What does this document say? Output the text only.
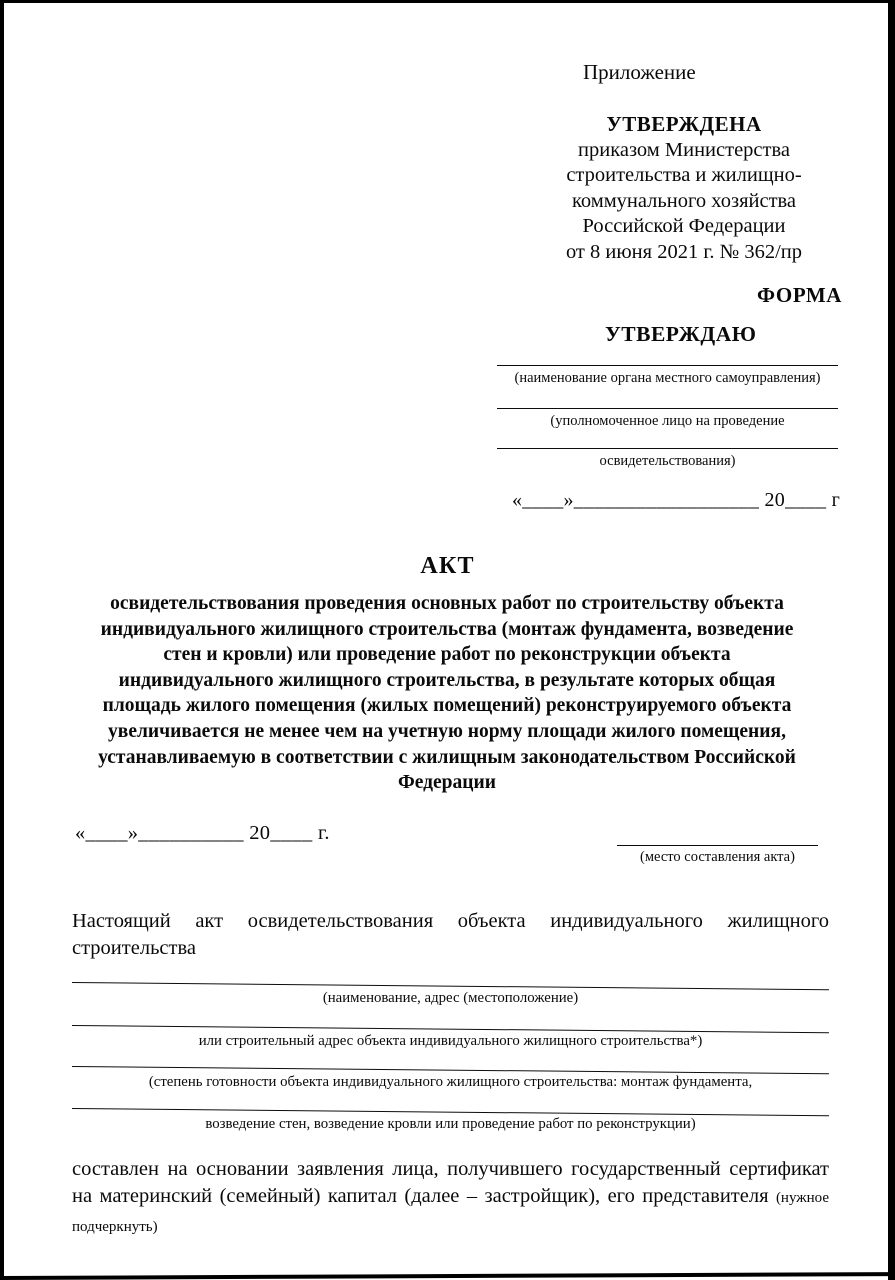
Приложение
УТВЕРЖДЕНА
приказом Министерства
строительства и жилищно-
коммунального хозяйства
Российской Федерации
от 8 июня 2021 г. № 362/пр
ФОРМА
УТВЕРЖДАЮ
(наименование органа местного самоуправления)
(уполномоченное лицо на проведение
освидетельствования)
«____»__________________ 20____ г
АКТ
освидетельствования проведения основных работ по строительству объекта индивидуального жилищного строительства (монтаж фундамента, возведение стен и кровли) или проведение работ по реконструкции объекта индивидуального жилищного строительства, в результате которых общая площадь жилого помещения (жилых помещений) реконструируемого объекта увеличивается не менее чем на учетную норму площади жилого помещения, устанавливаемую в соответствии с жилищным законодательством Российской Федерации
«____»__________ 20____ г.
(место составления акта)
Настоящий акт освидетельствования объекта индивидуального жилищного строительства
(наименование, адрес (местоположение)
или строительный адрес объекта индивидуального жилищного строительства*)
(степень готовности объекта индивидуального жилищного строительства: монтаж фундамента,
возведение стен, возведение кровли или проведение работ по реконструкции)
составлен на основании заявления лица, получившего государственный сертификат на материнский (семейный) капитал (далее – застройщик), его представителя (нужное подчеркнуть)
